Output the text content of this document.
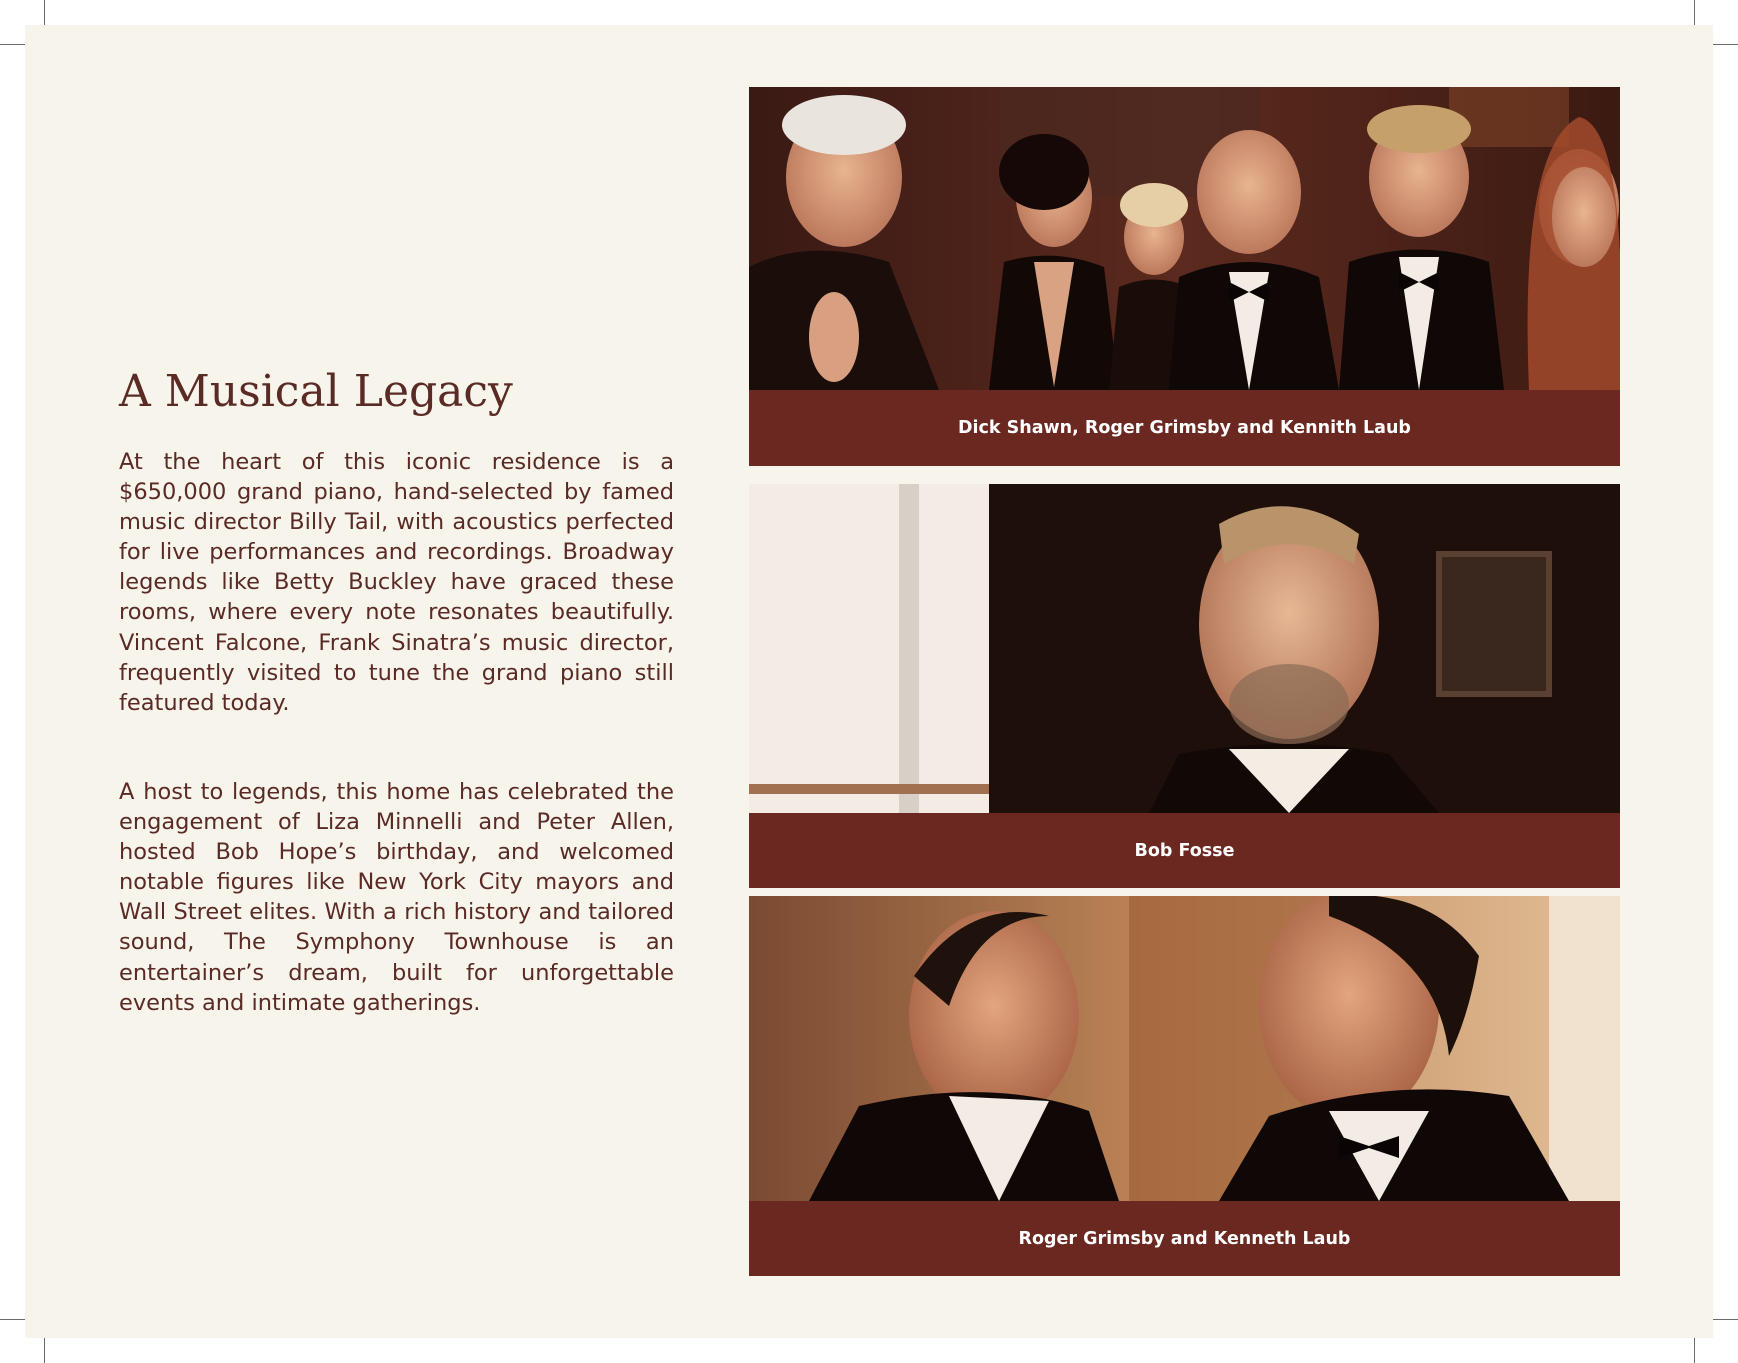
A Musical Legacy

At the heart of this iconic residence is a $650,000 grand piano, hand-selected by famed music director Billy Tail, with acoustics perfected for live performances and recordings. Broadway legends like Betty Buckley have graced these rooms, where every note resonates beautifully. Vincent Falcone, Frank Sinatra’s music director, frequently visited to tune the grand piano still featured today.

A host to legends, this home has celebrated the engagement of Liza Minnelli and Peter Allen, hosted Bob Hope’s birthday, and welcomed notable figures like New York City mayors and Wall Street elites. With a rich history and tailored sound, The Symphony Townhouse is an entertainer’s dream, built for unforgettable events and intimate gatherings.

Dick Shawn, Roger Grimsby and Kennith Laub
Bob Fosse
Roger Grimsby and Kenneth Laub
